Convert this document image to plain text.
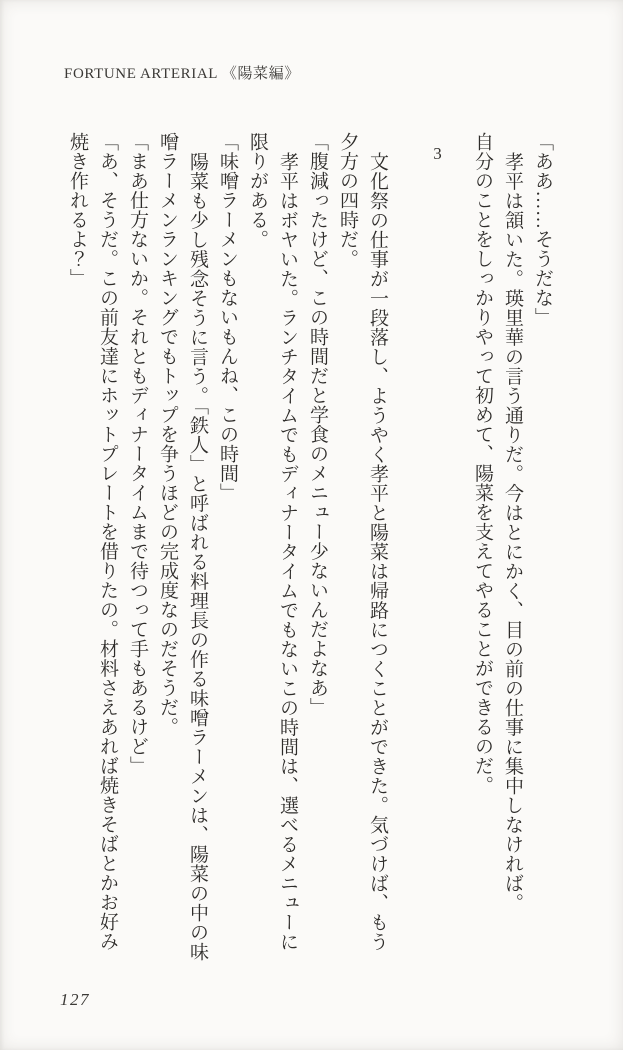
FORTUNE ARTERIAL 《陽菜編》

「ああ……そうだな」

孝平は頷いた。瑛里華の言う通りだ。今はとにかく、目の前の仕事に集中しなければ。

自分のことをしっかりやって初めて、陽菜を支えてやることができるのだ。

3

文化祭の仕事が一段落し、ようやく孝平と陽菜は帰路につくことができた。気づけば、もう

夕方の四時だ。

「腹減ったけど、この時間だと学食のメニュー少ないんだよなあ」

孝平はボヤいた。ランチタイムでもディナータイムでもないこの時間は、選べるメニューに

限りがある。

「味噌ラーメンもないもんね、この時間」

陽菜も少し残念そうに言う。「鉄人」と呼ばれる料理長の作る味噌ラーメンは、陽菜の中の味

噌ラーメンランキングでもトップを争うほどの完成度なのだそうだ。

「まあ仕方ないか。それともディナータイムまで待つって手もあるけど」

「あ、そうだ。この前友達にホットプレートを借りたの。材料さえあれば焼きそばとかお好み

焼き作れるよ？」

127
